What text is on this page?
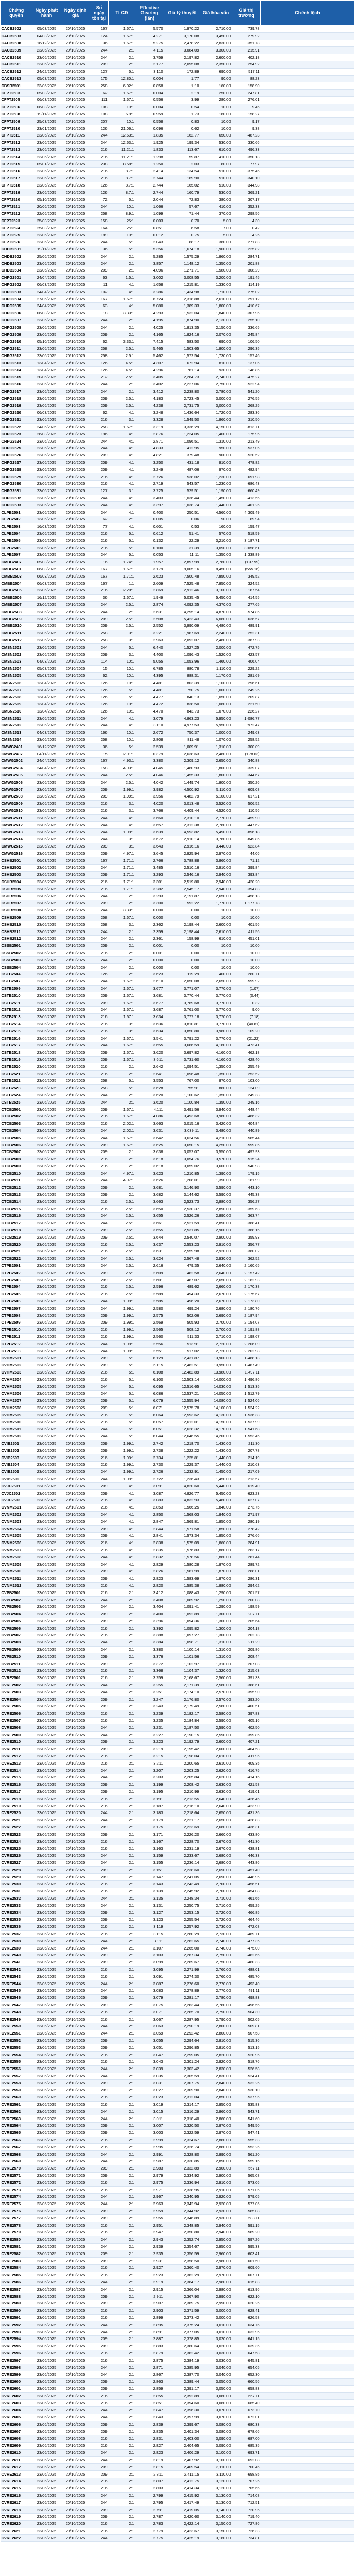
Chứng quyền	Ngày phát hành	Ngày định giá	Số ngày tồn tại	TLCĐ	Effective Gearing (lần)	Giá lý thuyết	Giá hòa vốn	Giá thị trường	Chênh lệch
CACB2502	05/03/2025	20/10/2025	167	1.67:1	5.570	1,970.22	2,710.00	739.78	
CACB2503	04/03/2025	20/10/2025	124	1.67:1	4.271	3,170.08	3,450.00	279.92	
CACB2508	16/12/2025	20/10/2025	36	1.67:1	5.275	2,478.22	2,830.00	351.78	
CACB2509	23/06/2025	20/10/2025	244	2:1	4.115	3,084.09	3,300.00	215.91	
CACB2510	23/06/2025	20/10/2025	244	2:1	3.759	2,197.82	2,600.00	402.18	
CACB2511	23/06/2025	20/10/2025	209	2:1	2.177	2,095.08	2,350.00	254.92	
CACB2512	24/02/2025	20/10/2025	127	5:1	3.110	172.89	690.00	517.11	
CACB2513	05/03/2025	20/10/2025	175	12.80:1	0.004	1.77	90.00	88.23	
CBSR2501	23/06/2025	20/10/2025	258	6.02:1	0.858	1.10	160.00	158.90	
CFPT2503	05/03/2025	20/10/2025	62	1.67:1	0.004	2.19	250.00	247.81	
CFPT2505	06/03/2025	20/10/2025	111	1.67:1	0.556	3.99	280.00	276.01	
CFPT2506	06/03/2025	20/10/2025	108	10:1	0.004	0.54	10.00	9.46	
CFPT2508	19/11/2025	20/10/2025	108	6.9:1	0.959	1.73	160.00	158.27	
CFPT2509	25/03/2025	20/10/2025	207	10:1	0.558	0.83	10.00	9.17	
CFPT2510	23/01/2025	20/10/2025	126	21.06:1	0.096	0.62	10.00	9.38	
CFPT2511	23/06/2025	20/10/2025	244	12.63:1	1.835	162.77	650.00	487.23	
CFPT2512	23/06/2025	20/10/2025	244	12.63:1	1.925	199.34	530.00	330.66	
CFPT2513	23/06/2025	20/10/2025	216	11.21:1	1.833	113.67	610.00	496.33	
CFPT2514	23/06/2025	20/10/2025	216	11.21:1	1.298	59.87	410.00	350.13	
CFPT2515	05/01/2025	20/10/2025	238	8.58:1	1.250	2.03	80.00	77.97	
CFPT2516	23/06/2025	20/10/2025	216	8.7:1	2.414	134.54	510.00	375.46	
CFPT2517	23/06/2025	20/10/2025	216	8.7:1	2.744	169.90	510.00	340.10	
CFPT2518	23/06/2025	20/10/2025	126	8.7:1	2.744	165.02	510.00	344.98	
CFPT2519	23/06/2025	20/10/2025	126	8.7:1	2.744	160.79	530.00	369.21	
CFPT2520	05/10/2025	20/10/2025	72	5:1	2.044	72.83	380.00	307.17	
CFPT2521	20/06/2025	20/10/2025	244	10:1	1.066	57.67	410.00	352.33	
CFPT2522	22/06/2025	20/10/2025	258	8.9:1	1.099	71.44	370.00	298.56	
CFPT2523	25/03/2025	20/10/2025	158	25:1	0.003	0.70	5.00	4.30	
CFPT2524	25/03/2025	20/10/2025	164	25:1	0.851	6.58	7.00	0.42	
CFPT2525	23/06/2025	20/10/2025	189	10:1	0.012	0.75	5.00	4.25	
CFPT2526	23/06/2025	20/10/2025	244	5:1	2.043	88.17	360.00	271.83	
CHDB2501	19/11/2025	20/10/2025	36	5:1	5.356	1,674.18	1,900.00	225.82	
CHDB2502	25/06/2025	20/10/2025	244	2:1	5.285	1,575.29	1,860.00	284.71	
CHDB2503	23/06/2025	20/10/2025	244	2:1	3.857	1,148.12	1,350.00	201.88	
CHDB2504	23/06/2025	20/10/2025	209	2:1	4.096	1,271.71	1,580.00	308.29	
CHPG2501	24/04/2025	20/10/2025	63	1.5:1	3.002	3,008.55	3,200.00	191.45	
CHPG2502	06/03/2025	20/10/2025	11	4:1	1.658	1,215.81	1,330.00	114.19	
CHPG2503	24/04/2025	20/10/2025	102	4:1	3.286	1,434.98	1,710.00	275.02	
CHPG2504	27/06/2025	20/10/2025	167	1.67:1	6.724	2,318.88	2,610.00	291.12	
CHPG2505	24/04/2025	20/10/2025	63	4:1	5.080	1,389.33	1,800.00	410.67	
CHPG2506	06/03/2025	20/10/2025	18	3.33:1	4.293	1,532.04	1,840.00	307.96	
CHPG2507	23/06/2025	20/10/2025	244	2:1	4.195	1,874.90	2,130.00	255.10	
CHPG2508	23/06/2025	20/10/2025	244	2:1	4.025	1,813.35	2,150.00	336.65	
CHPG2509	23/06/2025	20/10/2025	209	2:1	4.165	1,824.16	2,070.00	245.84	
CHPG2510	05/10/2025	20/10/2025	62	3.33:1	7.415	583.50	690.00	106.50	
CHPG2511	23/06/2025	20/10/2025	258	2.5:1	5.465	1,503.65	1,800.00	296.35	
CHPG2512	23/06/2025	20/10/2025	258	2.5:1	5.462	1,572.54	1,730.00	157.46	
CHPG2513	13/04/2025	20/10/2025	126	4.5:1	4.307	672.94	810.00	137.06	
CHPG2514	13/04/2025	20/10/2025	126	4.5:1	4.296	781.14	930.00	148.86	
CHPG2515	20/06/2025	20/10/2025	212	2.5:1	3.405	2,264.73	2,740.00	475.27	
CHPG2516	23/06/2025	20/10/2025	244	2:1	3.402	2,227.06	2,750.00	522.94	
CHPG2517	23/06/2025	20/10/2025	244	2:1	3.412	2,238.80	2,780.00	541.20	
CHPG2518	23/06/2025	20/10/2025	209	2.5:1	4.183	2,723.45	3,000.00	276.55	
CHPG2519	23/06/2025	20/10/2025	209	2.5:1	4.238	2,731.75	3,000.00	268.25	
CHPG2520	06/03/2025	20/10/2025	62	4:1	3.248	1,436.64	1,720.00	283.36	
CHPG2521	23/06/2025	20/10/2025	216	3:1	3.328	1,549.50	1,860.00	310.50	
CHPG2522	24/06/2025	20/10/2025	258	1.67:1	3.319	3,336.29	4,150.00	813.71	
CHPG2523	26/03/2025	20/10/2025	196	4:1	2.876	1,224.05	1,400.00	175.95	
CHPG2524	23/06/2025	20/10/2025	244	4:1	2.871	1,096.51	1,310.00	213.49	
CHPG2525	23/06/2025	20/10/2025	244	4:1	4.833	412.95	950.00	537.05	
CHPG2526	23/06/2025	20/10/2025	209	4:1	4.821	379.48	900.00	520.52	
CHPG2527	23/06/2025	20/10/2025	209	4:1	3.250	431.18	910.00	478.82	
CHPG2528	23/06/2025	20/10/2025	209	4:1	3.249	487.06	970.00	482.94	
CHPG2529	23/06/2025	20/10/2025	216	4:1	2.726	538.02	1,230.00	691.98	
CHPG2530	23/06/2025	20/10/2025	216	4:1	2.719	543.57	1,230.00	686.43	
CHPG2531	23/06/2025	20/10/2025	127	3:1	3.725	529.51	1,190.00	660.49	
CHPG2532	23/06/2025	20/10/2025	244	4:1	3.403	1,036.44	1,450.00	413.56	
CHPG2533	23/06/2025	20/10/2025	244	4:1	3.397	1,038.74	1,440.00	401.26	
CLPB2501	23/06/2025	20/10/2025	244	4:1	0.400	250.51	4,560.00	4,309.49	
CLPB2502	13/06/2025	20/10/2025	62	2:1	0.005	0.06	90.00	89.94	
CLPB2503	16/03/2025	20/10/2025	77	4:1	0.601	0.53	160.00	159.47	
CLPB2504	23/06/2025	20/10/2025	216	5:1	0.612	51.41	570.00	518.59	
CLPB2505	23/06/2025	20/10/2025	216	5:1	0.132	22.29	3,210.00	3,187.71	
CLPB2506	23/06/2025	20/10/2025	216	5:1	0.100	31.39	3,090.00	3,058.61	
CLPB2507	23/06/2025	20/10/2025	244	5:1	0.053	11.11	1,350.00	1,338.89	
CMBB2407	05/03/2025	20/10/2025	16	1.74:1	1.957	2,897.99	2,760.00	(137.99)	
CMBB2501	06/03/2025	20/10/2025	167	1.67:1	3.179	9,005.16	8,450.00	(555.16)	
CMBB2503	06/03/2025	20/10/2025	167	1.71:1	2.623	7,500.48	7,850.00	349.52	
CMBB2504	06/03/2025	20/10/2025	167	1:1	2.609	7,525.48	7,850.00	324.52	
CMBB2505	23/06/2025	20/10/2025	216	2.20:1	2.869	2,912.46	3,100.00	187.54	
CMBB2506	16/12/2025	20/10/2025	36	1.67:1	1.949	5,035.45	5,450.00	414.55	
CMBB2507	23/06/2025	20/10/2025	244	2.5:1	2.874	4,092.35	4,370.00	277.65	
CMBB2508	23/06/2025	20/10/2025	244	2:1	2.631	4,295.14	4,870.00	574.86	
CMBB2509	23/06/2025	20/10/2025	209	2.5:1	2.508	5,423.43	6,060.00	636.57	
CMBB2510	23/06/2025	20/10/2025	209	2.5:1	2.552	3,990.09	4,480.00	489.91	
CMBB2511	23/06/2025	20/10/2025	258	3:1	3.221	1,987.69	2,240.00	252.31	
CMBB2512	23/06/2025	20/10/2025	258	3:1	2.963	2,092.07	2,460.00	367.93	
CMSN2501	23/06/2025	20/10/2025	244	5:1	6.440	1,527.25	2,000.00	472.75	
CMSN2502	23/06/2025	20/10/2025	209	3:1	4.400	1,096.43	1,520.00	423.57	
CMSN2503	04/03/2025	20/10/2025	114	10:1	5.055	1,053.96	1,460.00	406.04	
CMSN2504	05/03/2025	20/10/2025	15	10:1	6.785	880.78	1,110.00	229.22	
CMSN2505	05/03/2025	20/10/2025	62	10:1	4.395	888.31	1,170.00	281.69	
CMSN2506	13/04/2025	20/10/2025	126	10:1	4.481	803.39	1,100.00	296.61	
CMSN2507	13/04/2025	20/10/2025	126	5:1	4.481	750.75	1,000.00	249.25	
CMSN2508	13/04/2025	20/10/2025	126	5:1	4.477	840.13	1,050.00	209.87	
CMSN2509	13/04/2025	20/10/2025	126	10:1	4.472	838.50	1,060.00	221.50	
CMSN2510	13/04/2025	20/10/2025	126	10:1	4.470	843.73	1,070.00	226.27	
CMSN2511	23/06/2025	20/10/2025	244	4:1	3.079	4,863.23	5,950.00	1,086.77	
CMSN2512	23/06/2025	20/10/2025	244	4:1	3.110	4,977.53	5,950.00	972.47	
CMSN2513	04/03/2025	20/10/2025	166	10:1	2.672	750.37	1,000.00	249.63	
CMSN2514	23/06/2025	20/10/2025	258	10:1	2.808	811.48	1,070.00	258.52	
CMWG2401	16/12/2025	20/10/2025	36	5:1	2.539	1,009.91	1,310.00	300.09	
CMWG2407	04/11/2025	20/10/2025	15	2.91:1	0.379	2,638.63	2,460.00	(178.63)	
CMWG2502	24/04/2025	20/10/2025	167	4.93:1	3.380	2,309.12	2,650.00	340.88	
CMWG2504	24/04/2025	20/10/2025	158	4.93:1	4.045	1,460.93	1,800.00	339.07	
CMWG2505	23/06/2025	20/10/2025	244	2.5:1	4.046	1,455.33	1,800.00	344.67	
CMWG2506	23/06/2025	20/10/2025	244	2.5:1	4.042	1,449.74	1,800.00	350.26	
CMWG2507	23/06/2025	20/10/2025	209	1.99:1	3.982	4,500.92	5,110.00	609.08	
CMWG2508	23/06/2025	20/10/2025	209	1.99:1	3.956	4,482.79	5,100.00	617.21	
CMWG2509	23/06/2025	20/10/2025	216	3:1	4.020	3,013.48	3,520.00	506.52	
CMWG2510	23/06/2025	20/10/2025	216	3:1	3.766	4,409.44	4,520.00	110.56	
CMWG2511	23/06/2025	20/10/2025	244	4:1	3.660	2,310.10	2,770.00	459.90	
CMWG2512	23/06/2025	20/10/2025	244	4:1	3.657	2,312.38	2,760.00	447.62	
CMWG2513	23/06/2025	20/10/2025	244	1.99:1	3.639	4,593.82	5,490.00	896.18	
CMWG2514	23/06/2025	20/10/2025	244	3:1	3.672	2,910.14	3,760.00	849.86	
CMWG2515	23/06/2025	20/10/2025	209	3:1	3.643	2,916.16	3,440.00	523.84	
CMWG2516	23/06/2025	20/10/2025	209	4.97:1	3.645	2,925.94	2,970.00	44.06	
CSHB2501	06/03/2025	20/10/2025	167	1.71:1	2.766	3,788.88	3,860.00	71.12	
CSHB2502	23/06/2025	20/10/2025	244	1.71:1	3.485	2,510.16	2,910.00	399.84	
CSHB2503	23/06/2025	20/10/2025	209	1.71:1	3.293	2,546.16	2,940.00	393.84	
CSHB2504	23/06/2025	20/10/2025	216	1.71:1	3.301	2,519.80	2,940.00	420.20	
CSHB2505	23/06/2025	20/10/2025	216	1.71:1	3.282	2,545.17	2,940.00	394.83	
CSHB2506	23/06/2025	20/10/2025	244	2:1	3.293	2,191.87	2,650.00	458.13	
CSHB2507	23/06/2025	20/10/2025	209	2:1	3.300	592.22	1,770.00	1,177.78	
CSHB2508	23/06/2025	20/10/2025	244	3.33:1	0.000	0.00	10.00	10.00	
CSHB2509	23/06/2025	20/10/2025	258	1.67:1	0.000	0.00	10.00	10.00	
CSHB2510	23/06/2025	20/10/2025	258	3:1	2.362	2,198.44	2,600.00	401.56	
CSHB2511	23/06/2025	20/10/2025	244	2:1	2.359	2,198.44	2,610.00	411.56	
CSHB2512	23/06/2025	20/10/2025	244	2:1	2.361	158.99	610.00	451.01	
CSSB2501	23/06/2025	20/10/2025	209	2:1	0.001	0.00	10.00	10.00	
CSSB2502	23/06/2025	20/10/2025	216	2:1	0.001	0.00	10.00	10.00	
CSSB2503	23/06/2025	20/10/2025	244	2:1	0.000	0.00	10.00	10.00	
CSSB2504	23/06/2025	20/10/2025	244	2:1	0.000	0.00	10.00	10.00	
CSTB2504	23/06/2025	20/10/2025	126	2:1	3.623	119.29	400.00	280.71	
CSTB2507	23/06/2025	20/10/2025	244	1.67:1	2.610	2,050.08	2,650.00	599.92	
CSTB2509	23/06/2025	20/10/2025	244	1.67:1	3.677	3,771.07	3,770.00	(1.07)	
CSTB2510	23/06/2025	20/10/2025	209	1.67:1	3.681	3,770.44	3,770.00	(0.44)	
CSTB2511	23/06/2025	20/10/2025	209	1.67:1	3.677	3,769.68	3,770.00	0.32	
CSTB2512	23/06/2025	20/10/2025	244	1.67:1	3.687	3,761.00	3,770.00	9.00	
CSTB2513	23/06/2025	20/10/2025	216	1.67:1	3.634	3,777.18	3,770.00	(7.18)	
CSTB2514	23/06/2025	20/10/2025	216	3:1	3.636	3,810.81	3,770.00	(40.81)	
CSTB2515	23/06/2025	20/10/2025	216	3:1	3.634	3,850.80	3,960.00	109.20	
CSTB2516	23/06/2025	20/10/2025	244	1.67:1	3.541	3,791.22	3,770.00	(21.22)	
CSTB2517	23/06/2025	20/10/2025	244	1.67:1	3.655	3,686.59	4,160.00	473.41	
CSTB2518	23/06/2025	20/10/2025	209	1.67:1	3.620	3,697.82	4,160.00	462.18	
CSTB2519	23/06/2025	20/10/2025	209	1.67:1	3.611	3,731.60	4,160.00	428.40	
CSTB2520	23/06/2025	20/10/2025	216	2:1	2.642	1,094.51	1,350.00	255.49	
CSTB2521	23/06/2025	20/10/2025	216	2:1	2.641	1,096.48	1,350.00	253.52	
CSTB2522	23/06/2025	20/10/2025	258	5:1	3.553	767.00	870.00	103.00	
CSTB2523	23/06/2025	20/10/2025	258	5:1	3.628	755.91	880.00	124.09	
CSTB2524	23/06/2025	20/10/2025	244	2:1	3.620	1,100.62	1,350.00	249.38	
CSTB2525	23/06/2025	20/10/2025	244	2:1	3.620	1,100.84	1,350.00	249.16	
CTCB2501	23/06/2025	20/10/2025	209	1.67:1	4.111	3,491.56	3,940.00	448.44	
CTCB2502	23/06/2025	20/10/2025	216	1.67:1	4.086	3,493.68	3,960.00	466.32	
CTCB2503	23/06/2025	20/10/2025	216	2.02:1	3.663	3,015.16	3,420.00	404.84	
CTCB2504	23/06/2025	20/10/2025	244	2.02:1	3.631	3,039.11	3,480.00	440.89	
CTCB2505	23/06/2025	20/10/2025	244	1.67:1	3.642	3,624.56	4,210.00	585.44	
CTCB2506	23/06/2025	20/10/2025	209	1.67:1	3.625	3,650.15	4,250.00	599.85	
CTCB2507	23/06/2025	20/10/2025	209	2:1	3.638	3,052.07	3,550.00	497.93	
CTCB2508	23/06/2025	20/10/2025	216	2:1	3.618	3,054.76	3,570.00	515.24	
CTCB2509	23/06/2025	20/10/2025	216	2:1	3.618	3,059.02	3,600.00	540.98	
CTCB2510	23/06/2025	20/10/2025	244	4.97:1	3.623	1,210.85	1,390.00	179.15	
CTCB2511	23/06/2025	20/10/2025	244	4.97:1	3.626	1,208.01	1,390.00	181.99	
CTCB2512	23/06/2025	20/10/2025	209	2:1	3.681	3,146.90	3,590.00	443.10	
CTCB2513	23/06/2025	20/10/2025	209	2:1	3.682	3,144.62	3,590.00	445.38	
CTCB2514	23/06/2025	20/10/2025	216	2.5:1	3.663	2,523.73	2,880.00	356.27	
CTCB2515	23/06/2025	20/10/2025	216	2.5:1	3.650	2,530.37	2,890.00	359.63	
CTCB2516	23/06/2025	20/10/2025	244	2.5:1	3.655	2,526.26	2,890.00	363.74	
CTCB2517	23/06/2025	20/10/2025	244	2.5:1	3.661	2,521.59	2,890.00	368.41	
CTCB2518	23/06/2025	20/10/2025	209	2.5:1	3.655	2,531.85	2,900.00	368.15	
CTCB2519	23/06/2025	20/10/2025	209	2.5:1	3.644	2,540.07	2,900.00	359.93	
CTCB2520	23/06/2025	20/10/2025	216	2.5:1	3.637	2,553.23	2,910.00	356.77	
CTCB2521	23/06/2025	20/10/2025	216	2.5:1	3.631	2,559.98	2,920.00	360.02	
CTCB2522	23/06/2025	20/10/2025	244	2.5:1	3.624	2,567.48	2,930.00	362.52	
CTPB2501	23/06/2025	20/10/2025	244	2.5:1	2.616	479.35	2,640.00	2,160.65	
CTPB2502	23/06/2025	20/10/2025	209	2.5:1	2.609	482.58	2,640.00	2,157.42	
CTPB2503	23/06/2025	20/10/2025	209	2.5:1	2.601	487.07	2,650.00	2,162.93	
CTPB2504	23/06/2025	20/10/2025	216	2.5:1	2.596	489.62	2,660.00	2,170.38	
CTPB2505	23/06/2025	20/10/2025	216	2.5:1	2.589	494.33	2,670.00	2,175.67	
CTPB2506	23/06/2025	20/10/2025	244	1.99:1	2.585	496.20	2,670.00	2,173.80	
CTPB2507	23/06/2025	20/10/2025	244	1.99:1	2.580	499.24	2,680.00	2,180.76	
CTPB2508	23/06/2025	20/10/2025	209	1.99:1	2.575	502.06	2,690.00	2,187.94	
CTPB2509	23/06/2025	20/10/2025	209	1.99:1	2.569	505.93	2,700.00	2,194.07	
CTPB2510	23/06/2025	20/10/2025	216	1.99:1	2.565	508.12	2,700.00	2,191.88	
CTPB2511	23/06/2025	20/10/2025	216	1.99:1	2.560	511.33	2,710.00	2,198.67	
CTPB2512	23/06/2025	20/10/2025	244	1.99:1	2.556	513.91	2,720.00	2,206.09	
CTPB2513	23/06/2025	20/10/2025	244	1.99:1	2.551	517.02	2,720.00	2,202.98	
CVHM2501	23/06/2025	20/10/2025	209	5:1	6.129	12,431.87	13,900.00	1,468.13	
CVHM2502	23/06/2025	20/10/2025	209	5:1	6.115	12,462.51	13,950.00	1,487.49	
CVHM2503	23/06/2025	20/10/2025	216	5:1	6.108	12,482.89	13,980.00	1,497.11	
CVHM2504	23/06/2025	20/10/2025	216	5:1	6.100	12,503.14	14,000.00	1,496.86	
CVHM2505	23/06/2025	20/10/2025	244	5:1	6.095	12,516.65	14,030.00	1,513.35	
CVHM2506	23/06/2025	20/10/2025	244	5:1	6.086	12,537.21	14,050.00	1,512.79	
CVHM2507	23/06/2025	20/10/2025	209	5:1	6.079	12,555.94	14,080.00	1,524.06	
CVHM2508	23/06/2025	20/10/2025	209	5:1	6.071	12,575.78	14,100.00	1,524.22	
CVHM2509	23/06/2025	20/10/2025	216	5:1	6.064	12,593.62	14,130.00	1,536.38	
CVHM2510	23/06/2025	20/10/2025	216	5:1	6.057	12,612.01	14,150.00	1,537.99	
CVHM2511	23/06/2025	20/10/2025	244	5:1	6.051	12,628.32	14,170.00	1,541.68	
CVHM2512	23/06/2025	20/10/2025	244	5:1	6.044	12,646.55	14,200.00	1,553.45	
CVIB2501	23/06/2025	20/10/2025	209	1.99:1	2.742	1,218.70	1,430.00	211.30	
CVIB2502	23/06/2025	20/10/2025	209	1.99:1	2.738	1,222.22	1,430.00	207.78	
CVIB2503	23/06/2025	20/10/2025	216	1.99:1	2.734	1,225.81	1,440.00	214.19	
CVIB2504	23/06/2025	20/10/2025	216	1.99:1	2.730	1,229.37	1,440.00	210.63	
CVIB2505	23/06/2025	20/10/2025	244	1.99:1	2.726	1,232.91	1,450.00	217.09	
CVIB2506	23/06/2025	20/10/2025	244	1.99:1	2.722	1,236.43	1,450.00	213.57	
CVJC2501	23/06/2025	20/10/2025	209	4:1	3.091	4,820.60	5,440.00	619.40	
CVJC2502	23/06/2025	20/10/2025	209	4:1	3.087	4,826.77	5,450.00	623.23	
CVJC2503	23/06/2025	20/10/2025	216	4:1	3.083	4,832.93	5,460.00	627.07	
CVNM2501	23/06/2025	20/10/2025	216	4:1	2.853	1,566.25	1,840.00	273.75	
CVNM2502	23/06/2025	20/10/2025	244	4:1	2.850	1,568.03	1,840.00	271.97	
CVNM2503	23/06/2025	20/10/2025	244	4:1	2.847	1,569.81	1,850.00	280.19	
CVNM2504	23/06/2025	20/10/2025	209	4:1	2.844	1,571.58	1,850.00	278.42	
CVNM2505	23/06/2025	20/10/2025	209	4:1	2.841	1,573.34	1,850.00	276.66	
CVNM2506	23/06/2025	20/10/2025	216	4:1	2.838	1,575.09	1,860.00	284.91	
CVNM2507	23/06/2025	20/10/2025	216	4:1	2.835	1,576.83	1,860.00	283.17	
CVNM2508	23/06/2025	20/10/2025	244	4:1	2.832	1,578.56	1,860.00	281.44	
CVNM2509	23/06/2025	20/10/2025	244	4:1	2.829	1,580.28	1,870.00	289.72	
CVNM2510	23/06/2025	20/10/2025	209	4:1	2.826	1,581.99	1,870.00	288.01	
CVNM2511	23/06/2025	20/10/2025	209	4:1	2.823	1,583.69	1,870.00	286.31	
CVNM2512	23/06/2025	20/10/2025	216	4:1	2.820	1,585.38	1,880.00	294.62	
CVPB2501	23/06/2025	20/10/2025	216	2:1	3.412	1,088.43	1,290.00	201.57	
CVPB2502	23/06/2025	20/10/2025	244	2:1	3.408	1,089.92	1,290.00	200.08	
CVPB2503	23/06/2025	20/10/2025	244	2:1	3.404	1,091.41	1,290.00	198.59	
CVPB2504	23/06/2025	20/10/2025	209	2:1	3.400	1,092.89	1,300.00	207.11	
CVPB2505	23/06/2025	20/10/2025	209	2:1	3.396	1,094.36	1,300.00	205.64	
CVPB2506	23/06/2025	20/10/2025	216	2:1	3.392	1,095.82	1,300.00	204.18	
CVPB2507	23/06/2025	20/10/2025	216	2:1	3.388	1,097.27	1,300.00	202.73	
CVPB2508	23/06/2025	20/10/2025	244	2:1	3.384	1,098.71	1,310.00	211.29	
CVPB2509	23/06/2025	20/10/2025	244	2:1	3.380	1,100.14	1,310.00	209.86	
CVPB2510	23/06/2025	20/10/2025	209	2:1	3.376	1,101.56	1,310.00	208.44	
CVPB2511	23/06/2025	20/10/2025	209	2:1	3.372	1,102.97	1,310.00	207.03	
CVPB2512	23/06/2025	20/10/2025	216	2:1	3.368	1,104.37	1,320.00	215.63	
CVRE2501	23/06/2025	20/10/2025	216	2:1	3.259	2,168.67	2,560.00	391.33	
CVRE2502	23/06/2025	20/10/2025	244	2:1	3.255	2,171.39	2,560.00	388.61	
CVRE2503	23/06/2025	20/10/2025	244	2:1	3.251	2,174.10	2,570.00	395.90	
CVRE2504	23/06/2025	20/10/2025	209	2:1	3.247	2,176.80	2,570.00	393.20	
CVRE2505	23/06/2025	20/10/2025	209	2:1	3.243	2,179.49	2,580.00	400.51	
CVRE2506	23/06/2025	20/10/2025	216	2:1	3.239	2,182.17	2,580.00	397.83	
CVRE2507	23/06/2025	20/10/2025	216	2:1	3.235	2,184.84	2,590.00	405.16	
CVRE2508	23/06/2025	20/10/2025	244	2:1	3.231	2,187.50	2,590.00	402.50	
CVRE2509	23/06/2025	20/10/2025	244	2:1	3.227	2,190.15	2,590.00	399.85	
CVRE2510	23/06/2025	20/10/2025	209	2:1	3.223	2,192.79	2,600.00	407.21	
CVRE2511	23/06/2025	20/10/2025	209	2:1	3.219	2,195.42	2,600.00	404.58	
CVRE2512	23/06/2025	20/10/2025	216	2:1	3.215	2,198.04	2,610.00	411.96	
CVRE2513	23/06/2025	20/10/2025	216	2:1	3.211	2,200.65	2,610.00	409.35	
CVRE2514	23/06/2025	20/10/2025	244	2:1	3.207	2,203.25	2,620.00	416.75	
CVRE2515	23/06/2025	20/10/2025	244	2:1	3.203	2,205.84	2,620.00	414.16	
CVRE2516	23/06/2025	20/10/2025	209	2:1	3.199	2,208.42	2,630.00	421.58	
CVRE2517	23/06/2025	20/10/2025	209	2:1	3.195	2,210.99	2,630.00	419.01	
CVRE2518	23/06/2025	20/10/2025	216	2:1	3.191	2,213.55	2,640.00	426.45	
CVRE2519	23/06/2025	20/10/2025	216	2:1	3.187	2,216.10	2,640.00	423.90	
CVRE2520	23/06/2025	20/10/2025	244	2:1	3.183	2,218.64	2,650.00	431.36	
CVRE2521	23/06/2025	20/10/2025	244	2:1	3.179	2,221.17	2,650.00	428.83	
CVRE2522	23/06/2025	20/10/2025	209	2:1	3.175	2,223.69	2,660.00	436.31	
CVRE2523	23/06/2025	20/10/2025	209	2:1	3.171	2,226.20	2,660.00	433.80	
CVRE2524	23/06/2025	20/10/2025	216	2:1	3.167	2,228.70	2,670.00	441.30	
CVRE2525	23/06/2025	20/10/2025	216	2:1	3.163	2,231.19	2,670.00	438.81	
CVRE2526	23/06/2025	20/10/2025	244	2:1	3.159	2,233.67	2,680.00	446.33	
CVRE2527	23/06/2025	20/10/2025	244	2:1	3.155	2,236.14	2,680.00	443.86	
CVRE2528	23/06/2025	20/10/2025	209	2:1	3.151	2,238.60	2,690.00	451.40	
CVRE2529	23/06/2025	20/10/2025	209	2:1	3.147	2,241.05	2,690.00	448.95	
CVRE2530	23/06/2025	20/10/2025	216	2:1	3.143	2,243.49	2,700.00	456.51	
CVRE2531	23/06/2025	20/10/2025	216	2:1	3.139	2,245.92	2,700.00	454.08	
CVRE2532	23/06/2025	20/10/2025	244	2:1	3.135	2,248.34	2,710.00	461.66	
CVRE2533	23/06/2025	20/10/2025	244	2:1	3.131	2,250.75	2,710.00	459.25	
CVRE2534	23/06/2025	20/10/2025	209	2:1	3.127	2,253.15	2,720.00	466.85	
CVRE2535	23/06/2025	20/10/2025	209	2:1	3.123	2,255.54	2,720.00	464.46	
CVRE2536	23/06/2025	20/10/2025	216	2:1	3.119	2,257.92	2,730.00	472.08	
CVRE2537	23/06/2025	20/10/2025	216	2:1	3.115	2,260.29	2,730.00	469.71	
CVRE2538	23/06/2025	20/10/2025	244	2:1	3.111	2,262.65	2,740.00	477.35	
CVRE2539	23/06/2025	20/10/2025	244	2:1	3.107	2,265.00	2,740.00	475.00	
CVRE2540	23/06/2025	20/10/2025	209	2:1	3.103	2,267.34	2,750.00	482.66	
CVRE2541	23/06/2025	20/10/2025	209	2:1	3.099	2,269.67	2,750.00	480.33	
CVRE2542	23/06/2025	20/10/2025	216	2:1	3.095	2,271.99	2,760.00	488.01	
CVRE2543	23/06/2025	20/10/2025	216	2:1	3.091	2,274.30	2,760.00	485.70	
CVRE2544	23/06/2025	20/10/2025	244	2:1	3.087	2,276.60	2,770.00	493.40	
CVRE2545	23/06/2025	20/10/2025	244	2:1	3.083	2,278.89	2,770.00	491.11	
CVRE2546	23/06/2025	20/10/2025	209	2:1	3.079	2,281.17	2,780.00	498.83	
CVRE2547	23/06/2025	20/10/2025	209	2:1	3.075	2,283.44	2,780.00	496.56	
CVRE2548	23/06/2025	20/10/2025	216	2:1	3.071	2,285.70	2,790.00	504.30	
CVRE2549	23/06/2025	20/10/2025	216	2:1	3.067	2,287.95	2,790.00	502.05	
CVRE2550	23/06/2025	20/10/2025	244	2:1	3.063	2,290.19	2,800.00	509.81	
CVRE2551	23/06/2025	20/10/2025	244	2:1	3.059	2,292.42	2,800.00	507.58	
CVRE2552	23/06/2025	20/10/2025	209	2:1	3.055	2,294.64	2,810.00	515.36	
CVRE2553	23/06/2025	20/10/2025	209	2:1	3.051	2,296.85	2,810.00	513.15	
CVRE2554	23/06/2025	20/10/2025	216	2:1	3.047	2,299.05	2,820.00	520.95	
CVRE2555	23/06/2025	20/10/2025	216	2:1	3.043	2,301.24	2,820.00	518.76	
CVRE2556	23/06/2025	20/10/2025	244	2:1	3.039	2,303.42	2,830.00	526.58	
CVRE2557	23/06/2025	20/10/2025	244	2:1	3.035	2,305.59	2,830.00	524.41	
CVRE2558	23/06/2025	20/10/2025	209	2:1	3.031	2,307.75	2,840.00	532.25	
CVRE2559	23/06/2025	20/10/2025	209	2:1	3.027	2,309.90	2,840.00	530.10	
CVRE2560	23/06/2025	20/10/2025	216	2:1	3.023	2,312.04	2,850.00	537.96	
CVRE2561	23/06/2025	20/10/2025	216	2:1	3.019	2,314.17	2,850.00	535.83	
CVRE2562	23/06/2025	20/10/2025	244	2:1	3.015	2,316.29	2,860.00	543.71	
CVRE2563	23/06/2025	20/10/2025	244	2:1	3.011	2,318.40	2,860.00	541.60	
CVRE2564	23/06/2025	20/10/2025	209	2:1	3.007	2,320.50	2,870.00	549.50	
CVRE2565	23/06/2025	20/10/2025	209	2:1	3.003	2,322.59	2,870.00	547.41	
CVRE2566	23/06/2025	20/10/2025	216	2:1	2.999	2,324.67	2,880.00	555.33	
CVRE2567	23/06/2025	20/10/2025	216	2:1	2.995	2,326.74	2,880.00	553.26	
CVRE2568	23/06/2025	20/10/2025	244	2:1	2.991	2,328.80	2,890.00	561.20	
CVRE2569	23/06/2025	20/10/2025	244	2:1	2.987	2,330.85	2,890.00	559.15	
CVRE2570	23/06/2025	20/10/2025	209	2:1	2.983	2,332.89	2,900.00	567.11	
CVRE2571	23/06/2025	20/10/2025	209	2:1	2.979	2,334.92	2,900.00	565.08	
CVRE2572	23/06/2025	20/10/2025	216	2:1	2.975	2,336.94	2,910.00	573.06	
CVRE2573	23/06/2025	20/10/2025	216	2:1	2.971	2,338.95	2,910.00	571.05	
CVRE2574	23/06/2025	20/10/2025	244	2:1	2.967	2,340.95	2,920.00	579.05	
CVRE2575	23/06/2025	20/10/2025	244	2:1	2.963	2,342.94	2,920.00	577.06	
CVRE2576	23/06/2025	20/10/2025	209	2:1	2.959	2,344.92	2,930.00	585.08	
CVRE2577	23/06/2025	20/10/2025	209	2:1	2.955	2,346.89	2,930.00	583.11	
CVRE2578	23/06/2025	20/10/2025	216	2:1	2.951	2,348.85	2,940.00	591.15	
CVRE2579	23/06/2025	20/10/2025	216	2:1	2.947	2,350.80	2,940.00	589.20	
CVRE2580	23/06/2025	20/10/2025	244	2:1	2.943	2,352.74	2,950.00	597.26	
CVRE2581	23/06/2025	20/10/2025	244	2:1	2.939	2,354.67	2,950.00	595.33	
CVRE2582	23/06/2025	20/10/2025	209	2:1	2.935	2,356.59	2,960.00	603.41	
CVRE2583	23/06/2025	20/10/2025	209	2:1	2.931	2,358.50	2,960.00	601.50	
CVRE2584	23/06/2025	20/10/2025	216	2:1	2.927	2,360.40	2,970.00	609.60	
CVRE2585	23/06/2025	20/10/2025	216	2:1	2.923	2,362.29	2,970.00	607.71	
CVRE2586	23/06/2025	20/10/2025	244	2:1	2.919	2,364.17	2,980.00	615.83	
CVRE2587	23/06/2025	20/10/2025	244	2:1	2.915	2,366.04	2,980.00	613.96	
CVRE2588	23/06/2025	20/10/2025	209	2:1	2.911	2,367.90	2,990.00	622.10	
CVRE2589	23/06/2025	20/10/2025	209	2:1	2.907	2,369.75	2,990.00	620.25	
CVRE2590	23/06/2025	20/10/2025	216	2:1	2.903	2,371.59	3,000.00	628.41	
CVRE2591	23/06/2025	20/10/2025	216	2:1	2.899	2,373.42	3,000.00	626.58	
CVRE2592	23/06/2025	20/10/2025	244	2:1	2.895	2,375.24	3,010.00	634.76	
CVRE2593	23/06/2025	20/10/2025	244	2:1	2.891	2,377.05	3,010.00	632.95	
CVRE2594	23/06/2025	20/10/2025	209	2:1	2.887	2,378.85	3,020.00	641.15	
CVRE2595	23/06/2025	20/10/2025	209	2:1	2.883	2,380.64	3,020.00	639.36	
CVRE2596	23/06/2025	20/10/2025	216	2:1	2.879	2,382.42	3,030.00	647.58	
CVRE2597	23/06/2025	20/10/2025	216	2:1	2.875	2,384.19	3,030.00	645.81	
CVRE2598	23/06/2025	20/10/2025	244	2:1	2.871	2,385.95	3,040.00	654.05	
CVRE2599	23/06/2025	20/10/2025	244	2:1	2.867	2,387.70	3,040.00	652.30	
CVRE2600	23/06/2025	20/10/2025	209	2:1	2.863	2,389.44	3,050.00	660.56	
CVRE2601	23/06/2025	20/10/2025	209	2:1	2.859	2,391.17	3,050.00	658.83	
CVRE2602	23/06/2025	20/10/2025	216	2:1	2.855	2,392.89	3,060.00	667.11	
CVRE2603	23/06/2025	20/10/2025	216	2:1	2.851	2,394.60	3,060.00	665.40	
CVRE2604	23/06/2025	20/10/2025	244	2:1	2.847	2,396.30	3,070.00	673.70	
CVRE2605	23/06/2025	20/10/2025	244	2:1	2.843	2,397.99	3,070.00	672.01	
CVRE2606	23/06/2025	20/10/2025	209	2:1	2.839	2,399.67	3,080.00	680.33	
CVRE2607	23/06/2025	20/10/2025	209	2:1	2.835	2,401.34	3,080.00	678.66	
CVRE2608	23/06/2025	20/10/2025	216	2:1	2.831	2,403.00	3,090.00	687.00	
CVRE2609	23/06/2025	20/10/2025	216	2:1	2.827	2,404.65	3,090.00	685.35	
CVRE2610	23/06/2025	20/10/2025	244	2:1	2.823	2,406.29	3,100.00	693.71	
CVRE2611	23/06/2025	20/10/2025	244	2:1	2.819	2,407.92	3,100.00	692.08	
CVRE2612	23/06/2025	20/10/2025	209	2:1	2.815	2,409.54	3,110.00	700.46	
CVRE2613	23/06/2025	20/10/2025	209	2:1	2.811	2,411.15	3,110.00	698.85	
CVRE2614	23/06/2025	20/10/2025	216	2:1	2.807	2,412.75	3,120.00	707.25	
CVRE2615	23/06/2025	20/10/2025	216	2:1	2.803	2,414.34	3,120.00	705.66	
CVRE2616	23/06/2025	20/10/2025	244	2:1	2.799	2,415.92	3,130.00	714.08	
CVRE2617	23/06/2025	20/10/2025	244	2:1	2.795	2,417.49	3,130.00	712.51	
CVRE2618	23/06/2025	20/10/2025	209	2:1	2.791	2,419.05	3,140.00	720.95	
CVRE2619	23/06/2025	20/10/2025	209	2:1	2.787	2,420.60	3,140.00	719.40	
CVRE2620	23/06/2025	20/10/2025	216	2:1	2.783	2,422.14	3,150.00	727.86	
CVRE2621	23/06/2025	20/10/2025	216	2:1	2.779	2,423.67	3,150.00	726.33	
CVRE2622	23/06/2025	20/10/2025	244	2:1	2.775	2,425.19	3,160.00	734.81	
